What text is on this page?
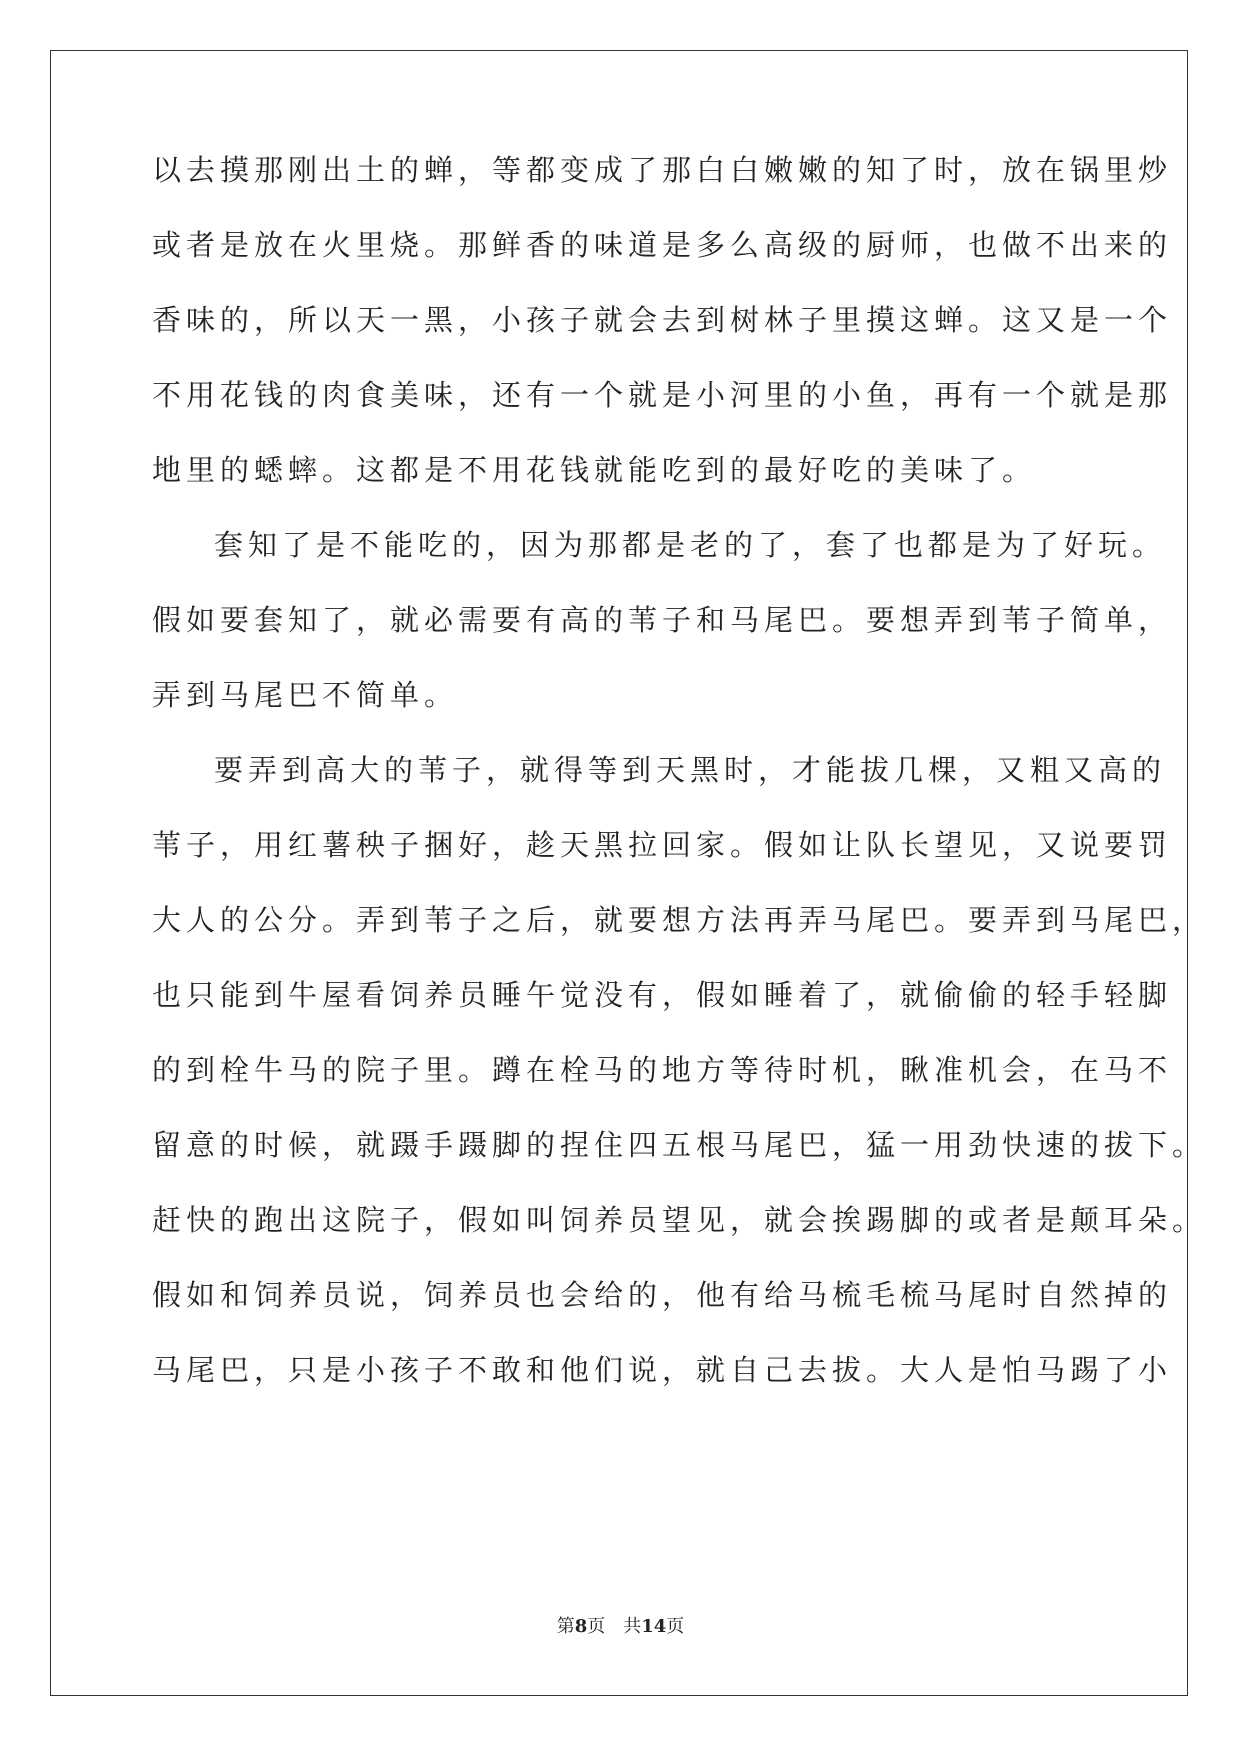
以去摸那刚出土的蝉，等都变成了那白白嫩嫩的知了时，放在锅里炒
或者是放在火里烧。那鲜香的味道是多么高级的厨师，也做不出来的
香味的，所以天一黑，小孩子就会去到树林子里摸这蝉。这又是一个
不用花钱的肉食美味，还有一个就是小河里的小鱼，再有一个就是那
地里的蟋蟀。这都是不用花钱就能吃到的最好吃的美味了。
套知了是不能吃的，因为那都是老的了，套了也都是为了好玩。
假如要套知了，就必需要有高的苇子和马尾巴。要想弄到苇子简单，
弄到马尾巴不简单。
要弄到高大的苇子，就得等到天黑时，才能拔几棵，又粗又高的
苇子，用红薯秧子捆好，趁天黑拉回家。假如让队长望见，又说要罚
大人的公分。弄到苇子之后，就要想方法再弄马尾巴。要弄到马尾巴，
也只能到牛屋看饲养员睡午觉没有，假如睡着了，就偷偷的轻手轻脚
的到栓牛马的院子里。蹲在栓马的地方等待时机，瞅准机会，在马不
留意的时候，就蹑手蹑脚的捏住四五根马尾巴，猛一用劲快速的拔下。
赶快的跑出这院子，假如叫饲养员望见，就会挨踢脚的或者是颠耳朵。
假如和饲养员说，饲养员也会给的，他有给马梳毛梳马尾时自然掉的
马尾巴，只是小孩子不敢和他们说，就自己去拔。大人是怕马踢了小
第8页 共14页
